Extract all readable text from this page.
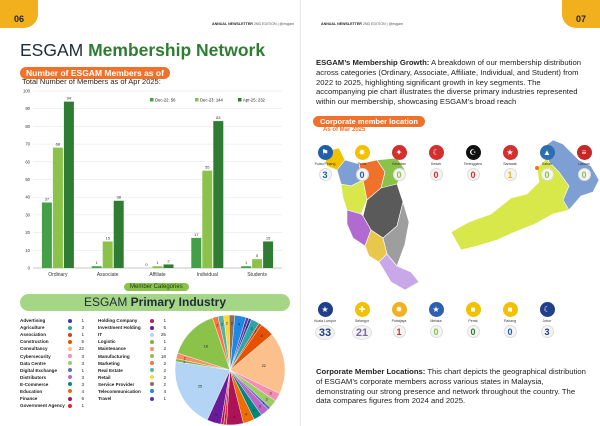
06	ANNUAL NEWSLETTER 2ND EDITION | @esgam
ESGAM Membership Network
Number of ESGAM Members as of
Total Number of Members as of Apr 2025:
0
10
20
30
40
50
60
70
80
90
100
37
68
94
Ordinary
1
15
38
Associate
0 1 2
Affiliate
17
55
83
Individual
1
5
15
Students
Dec-22: 56	Dec-23: 144	Apr-25: 232
Member Categories
ESGAM Primary Industry
Advertising	1
Agriculture	3
Association	1
Construction	5
Consultancy	22
Cybersecurity	3
Data Centre	3
Digital Exchange	1
Distributors	3
E-Commerce	3
Education	4
Finance	6
Government Agency	1
Holding Company	1
Investment Holding	5
IT	25
Logistic	1
Maintenance	2
Manufacturing	18
Marketing	2
Real Estate	2
Retail	2
Service Provider	2
Telecommunication	4
Travel	1
1
3
1
5
22
3
3
1
3
3
4
6
1
1
5
25
1
2
18
2 2 2 2 4 1
07
ANNUAL NEWSLETTER 2ND EDITION | @esgam
ESGAM’s Membership Growth: A breakdown of our membership distribution across categories (Ordinary, Associate, Affiliate, Individual, and Student) from 2022 to 2025, highlighting significant growth in key segments. The accompanying pie chart illustrates the diverse primary industries represented within our membership, showcasing ESGAM’s broad reach
Corporate member location
As of Mar 2025
⚑
Pulau Pinang
3
✹
Perlis
0
✦
Kelantan
0
☾
Kedah
0
☪
Terengganu
0
★
Sarawak
1
▲
Sabah
0
≡
Labuan
0
★
Kuala Lumpur
33
✚
Selangor
21
✹
Putrajaya
1
★
Melaka
0
■
Perak
0
■
Pahang
0
☾
Johor
3
Corporate Member Locations: This chart depicts the geographical distribution of ESGAM’s corporate members across various states in Malaysia, demonstrating our strong presence and network throughout the country. The data compares figures from 2024 and 2025.
